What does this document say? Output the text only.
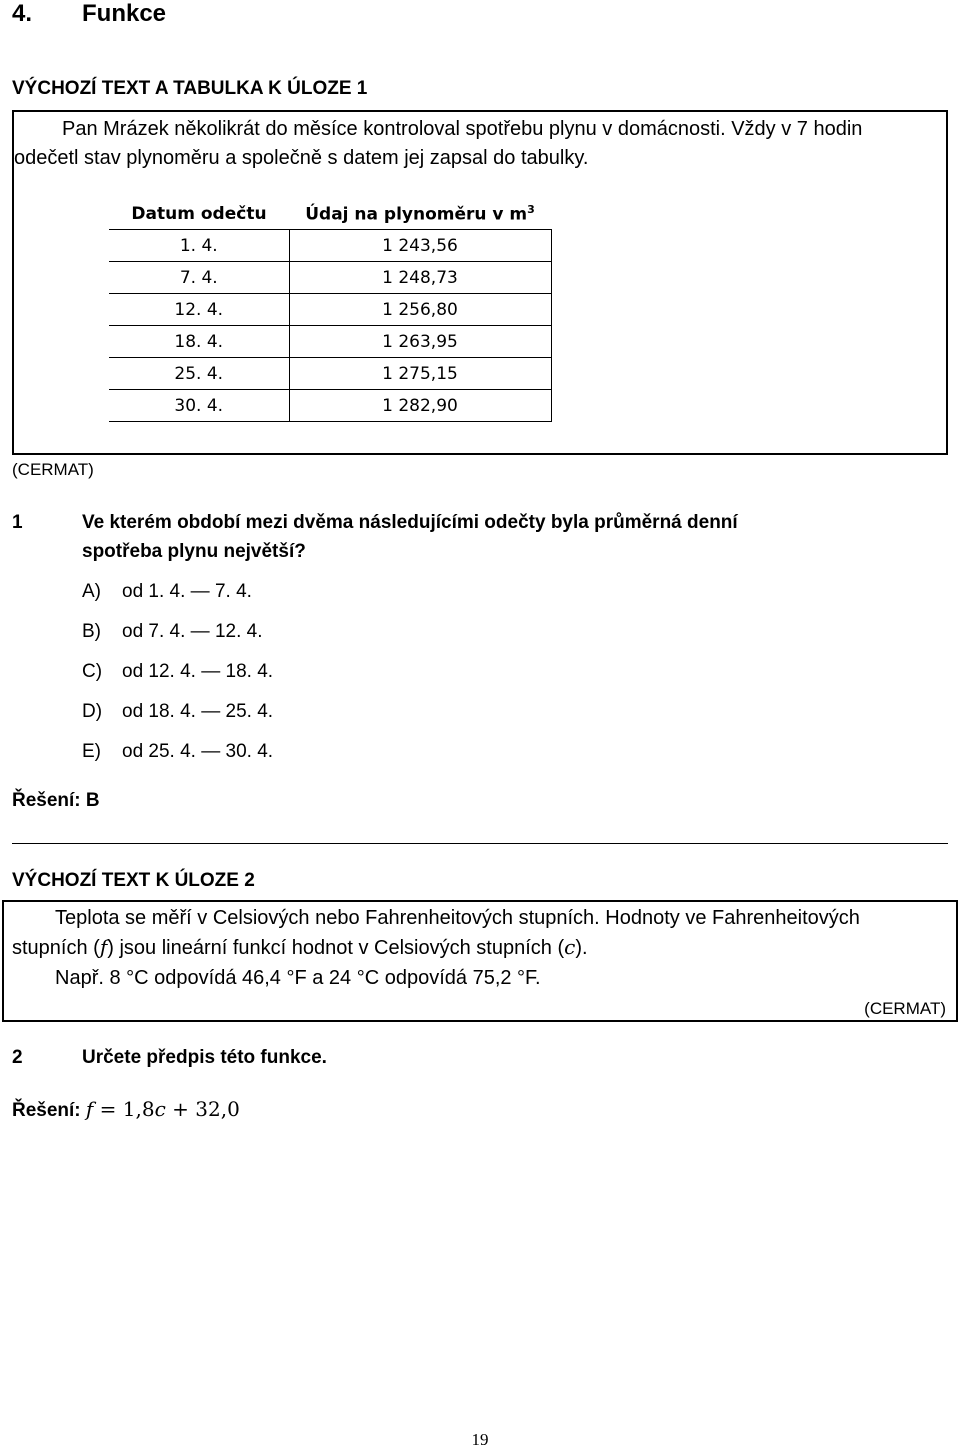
4. Funkce
VÝCHOZÍ TEXT A TABULKA K ÚLOZE 1
Pan Mrázek několikrát do měsíce kontroloval spotřebu plynu v domácnosti. Vždy v 7 hodin
odečetl stav plynoměru a společně s datem jej zapsal do tabulky.
Datum odečtu	Údaj na plynoměru v $m^3$
1. 4.	1 243,56
7. 4.	1 248,73
12. 4.	1 256,80
18. 4.	1 263,95
25. 4.	1 275,15
30. 4.	1 282,90
(CERMAT)
1	Ve kterém období mezi dvěma následujícími odečty byla průměrná denní
spotřeba plynu největší?
A) od 1. 4. — 7. 4.
B) od 7. 4. — 12. 4.
C) od 12. 4. — 18. 4.
D) od 18. 4. — 25. 4.
E) od 25. 4. — 30. 4.
Řešení: B
VÝCHOZÍ TEXT K ÚLOZE 2
Teplota se měří v Celsiových nebo Fahrenheitových stupních. Hodnoty ve Fahrenheitových
stupních (f) jsou lineární funkcí hodnot v Celsiových stupních (c).
Např. 8 °C odpovídá 46,4 °F a 24 °C odpovídá 75,2 °F.
(CERMAT)
2	Určete předpis této funkce.
Řešení: f = 1,8c + 32,0
19
